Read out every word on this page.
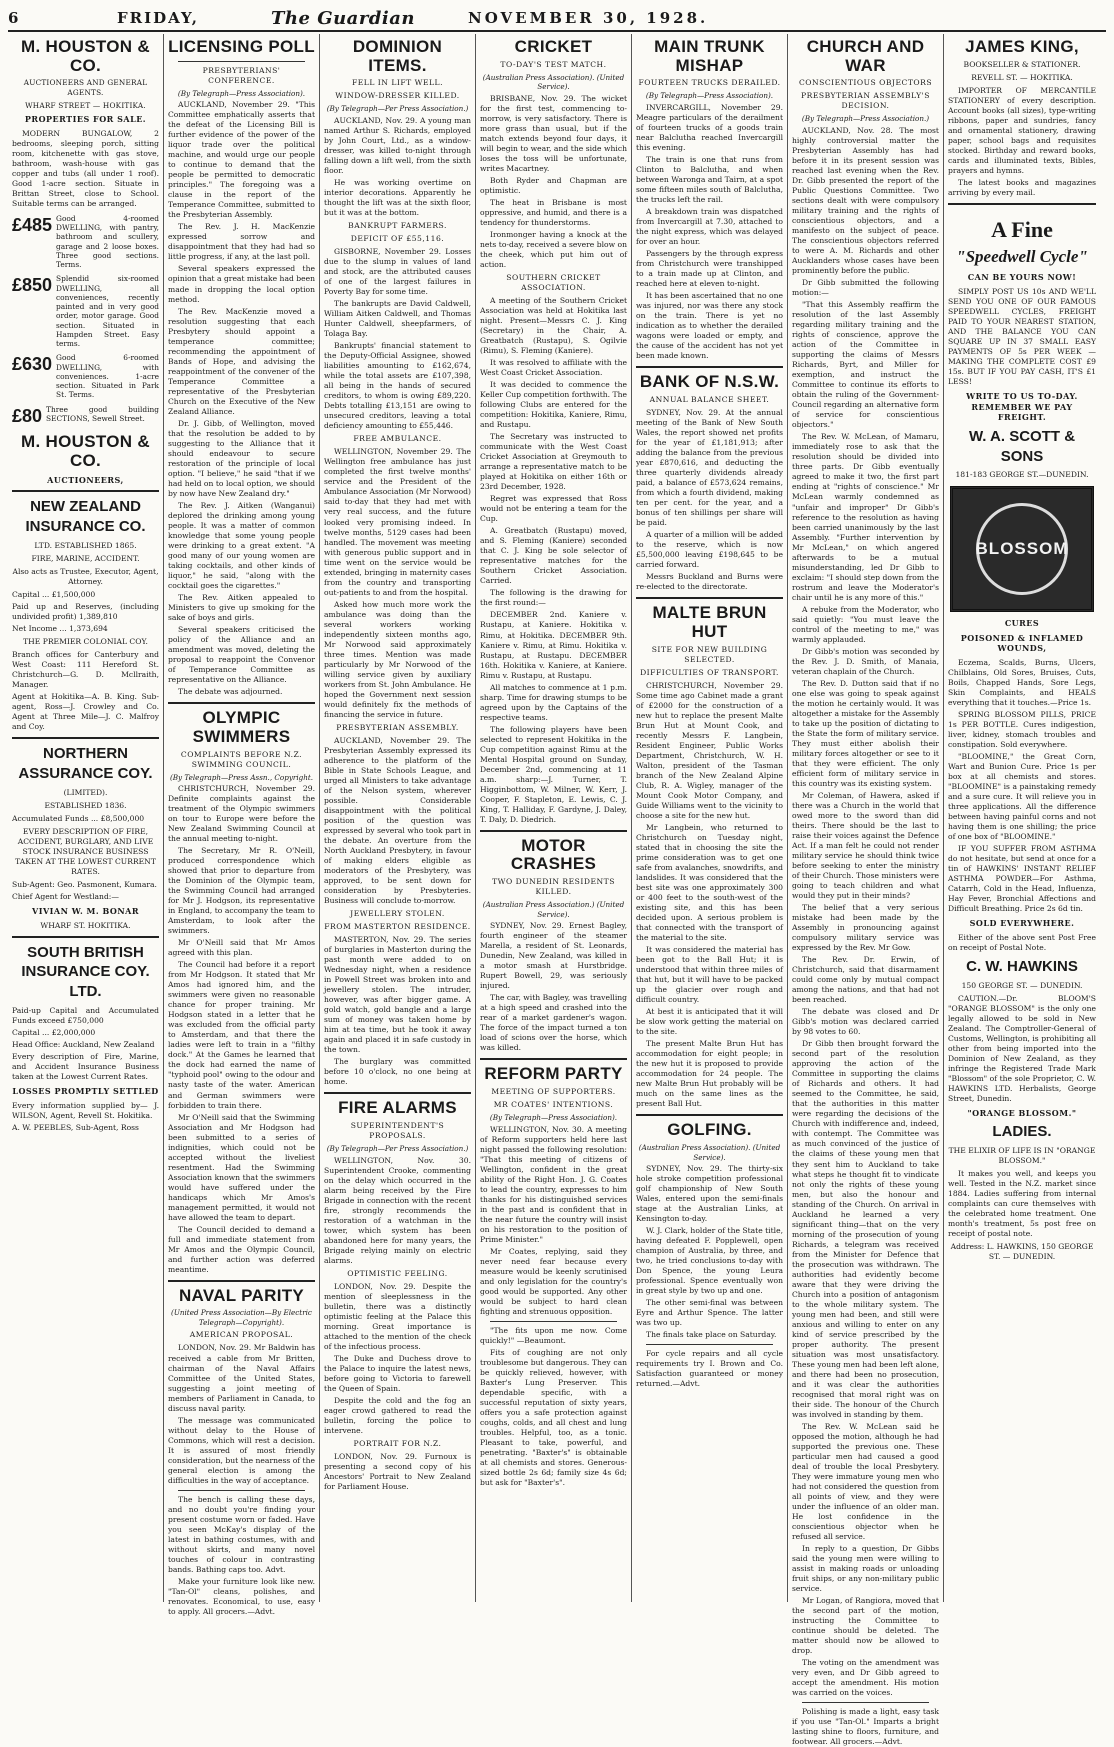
6	FRIDAY,	The Guardian	NOVEMBER 30, 1928.
M. HOUSTON & CO.
AUCTIONEERS AND GENERAL AGENTS.
WHARF STREET — HOKITIKA.
PROPERTIES FOR SALE.

MODERN BUNGALOW, 2 bedrooms, sleeping porch, sitting room, kitchenette with gas stove, bathroom, wash-house with gas copper and tubs (all under 1 roof). Good 1-acre section. Situate in Brittan Street, close to School. Suitable terms can be arranged.

£485 Good 4-roomed DWELLING, with pantry, bathroom and scullery, garage and 2 loose boxes. Three good sections. Terms.
£850 Splendid six-roomed DWELLING, all conveniences, recently painted and in very good order, motor garage. Good section. Situated in Hampden Street. Easy terms.
£630 Good 6-roomed DWELLING, with conveniences. 1-acre section. Situated in Park St. Terms.
£80 Three good building SECTIONS, Sewell Street.
M. HOUSTON & CO.
AUCTIONEERS,
NEW ZEALAND INSURANCE CO.
LTD. ESTABLISHED 1865.
FIRE, MARINE, ACCIDENT.
Also acts as Trustee, Executor, Agent, Attorney.

Capital ... £1,500,000

Paid up and Reserves, (including undivided profit) 1,389,810

Net Income ... 1,373,694

THE PREMIER COLONIAL COY.

Branch offices for Canterbury and West Coast: 111 Hereford St. Christchurch—G. D. Mcllraith, Manager.

Agent at Hokitika—A. B. King. Sub-agent, Ross—J. Crowley and Co. Agent at Three Mile—J. C. Malfroy and Coy.

NORTHERN ASSURANCE COY.
(LIMITED).
ESTABLISHED 1836.

Accumulated Funds ... £8,500,000

EVERY DESCRIPTION OF FIRE, ACCIDENT, BURGLARY, AND LIVE STOCK INSURANCE BUSINESS TAKEN AT THE LOWEST CURRENT RATES.

Sub-Agent: Geo. Pasmonent, Kumara.

Chief Agent for Westland:—

VIVIAN W. M. BONAR
WHARF ST. HOKITIKA.
SOUTH BRITISH INSURANCE COY. LTD.

Paid-up Capital and Accumulated Funds exceed £750,000

Capital ... £2,000,000

Head Office: Auckland, New Zealand

Every description of Fire, Marine, and Accident Insurance Business taken at the Lowest Current Rates.

LOSSES PROMPTLY SETTLED

Every information supplied by— J. WILSON, Agent, Revell St. Hokitika.

A. W. PEEBLES, Sub-Agent, Ross

LICENSING POLL
PRESBYTERIANS' CONFERENCE.
(By Telegraph—Press Association).

AUCKLAND, November 29. "This Committee emphatically asserts that the defeat of the Licensing Bill is further evidence of the power of the liquor trade over the political machine, and would urge our people to continue to demand that the people be permitted to democratic principles." The foregoing was a clause in the report of the Temperance Committee, submitted to the Presbyterian Assembly.

The Rev. J. H. MacKenzie expressed sorrow and disappointment that they had had so little progress, if any, at the last poll.

Several speakers expressed the opinion that a great mistake had been made in dropping the local option method.

The Rev. MacKenzie moved a resolution suggesting that each Presbytery should appoint a temperance committee; recommending the appointment of Bands of Hope, and advising the reappointment of the convener of the Temperance Committee a representative of the Presbyterian Church on the Executive of the New Zealand Alliance.

Dr. J. Gibb, of Wellington, moved that the resolution be added to by suggesting to the Alliance that it should endeavour to secure restoration of the principle of local option. "I believe," he said "that if we had held on to local option, we should by now have New Zealand dry."

The Rev. J. Aitken (Wanganui) deplored the drinking among young people. It was a matter of common knowledge that some young people were drinking to a great extent. "A good many of our young women are taking cocktails, and other kinds of liquor," he said, "along with the cocktail goes the cigarettes."

The Rev. Aitken appealed to Ministers to give up smoking for the sake of boys and girls.

Several speakers criticised the policy of the Alliance and an amendment was moved, deleting the proposal to reappoint the Convenor of Temperance Committee as representative on the Alliance.

The debate was adjourned.

OLYMPIC SWIMMERS
COMPLAINTS BEFORE N.Z. SWIMMING COUNCIL.
(By Telegraph—Press Assn., Copyright.

CHRISTCHURCH, November 29. Definite complaints against the treatment of the Olympic swimmers on tour to Europe were before the New Zealand Swimming Council at the annual meeting to-night.

The Secretary, Mr R. O'Neill, produced correspondence which showed that prior to departure from the Dominion of the Olympic team, the Swimming Council had arranged for Mr J. Hodgson, its representative in England, to accompany the team to Amsterdam, to look after the swimmers.

Mr O'Neill said that Mr Amos agreed with this plan.

The Council had before it a report from Mr Hodgson. It stated that Mr Amos had ignored him, and the swimmers were given no reasonable chance for proper training. Mr Hodgson stated in a letter that he was excluded from the official party to Amsterdam, and that there the ladies were left to train in a "filthy dock." At the Games he learned that the dock had earned the name of "typhoid pool" owing to the odour and nasty taste of the water. American and German swimmers were forbidden to train there.

Mr O'Neill said that the Swimming Association and Mr Hodgson had been submitted to a series of indignities, which could not be accepted without the liveliest resentment. Had the Swimming Association known that the swimmers would have suffered under the handicaps which Mr Amos's management permitted, it would not have allowed the team to depart.

The Council decided to demand a full and immediate statement from Mr Amos and the Olympic Council, and further action was deferred meantime.

NAVAL PARITY
(United Press Association—By Electric Telegraph—Copyright).
AMERICAN PROPOSAL.

LONDON, Nov. 29. Mr Baldwin has received a cable from Mr Britten, chairman of the Naval Affairs Committee of the United States, suggesting a joint meeting of members of Parliament in Canada, to discuss naval parity.

The message was communicated without delay to the House of Commons, which will rest a decision. It is assured of most friendly consideration, but the nearness of the general election is among the difficulties in the way of acceptance.

The bench is calling these days, and no doubt you're finding your present costume worn or faded. Have you seen McKay's display of the latest in bathing costumes, with and without skirts, and many novel touches of colour in contrasting bands. Bathing caps too. Advt.

Make your furniture look like new. "Tan-Ol" cleans, polishes, and renovates. Economical, to use, easy to apply. All grocers.—Advt.

DOMINION ITEMS.
FELL IN LIFT WELL.
WINDOW-DRESSER KILLED.
(By Telegraph—Per Press Association.)

AUCKLAND, Nov. 29. A young man named Arthur S. Richards, employed by John Court, Ltd., as a window-dresser, was killed to-night through falling down a lift well, from the sixth floor.

He was working overtime on interior decorations. Apparently he thought the lift was at the sixth floor, but it was at the bottom.

BANKRUPT FARMERS.
DEFICIT OF £55,116.

GISBORNE, November 29. Losses due to the slump in values of land and stock, are the attributed causes of one of the largest failures in Poverty Bay for some time.

The bankrupts are David Caldwell, William Aitken Caldwell, and Thomas Hunter Caldwell, sheepfarmers, of Tolaga Bay.

Bankrupts' financial statement to the Deputy-Official Assignee, showed liabilities amounting to £162,674, while the total assets are £107,398, all being in the hands of secured creditors, to whom is owing £89,220. Debts totalling £13,151 are owing to unsecured creditors, leaving a total deficiency amounting to £55,446.

FREE AMBULANCE.

WELLINGTON, November 29. The Wellington free ambulance has just completed the first twelve months' service and the President of the Ambulance Association (Mr Norwood) said to-day that they had met with very real success, and the future looked very promising indeed. In twelve months, 5129 cases had been handled. The movement was meeting with generous public support and in time went on the service would be extended, bringing in maternity cases from the country and transporting out-patients to and from the hospital.

Asked how much more work the ambulance was doing than the several workers working independently sixteen months ago, Mr Norwood said approximately three times. Mention was made particularly by Mr Norwood of the willing service given by auxiliary workers from St. John Ambulance. He hoped the Government next session would definitely fix the methods of financing the service in future.

PRESBYTERIAN ASSEMBLY.

AUCKLAND, November 29. The Presbyterian Assembly expressed its adherence to the platform of the Bible in State Schools League, and urged all Ministers to take advantage of the Nelson system, wherever possible. Considerable disappointment with the political position of the question was expressed by several who took part in the debate. An overture from the North Auckland Presbytery, in favour of making elders eligible as moderators of the Presbytery, was approved, to be sent down for consideration by Presbyteries. Business will conclude to-morrow.

JEWELLERY STOLEN.
FROM MASTERTON RESIDENCE.

MASTERTON, Nov. 29. The series of burglaries in Masterton during the past month were added to on Wednesday night, when a residence in Powell Street was broken into and jewellery stolen. The intruder, however, was after bigger game. A gold watch, gold bangle and a large sum of money was taken home by him at tea time, but he took it away again and placed it in safe custody in the town.

The burglary was committed before 10 o'clock, no one being at home.

FIRE ALARMS
SUPERINTENDENT'S PROPOSALS.
(By Telegraph—Per Press Association.)

WELLINGTON, Nov. 30. Superintendent Crooke, commenting on the delay which occurred in the alarm being received by the Fire Brigade in connection with the recent fire, strongly recommends the restoration of a watchman in the tower, which system has been abandoned here for many years, the Brigade relying mainly on electric alarms.

OPTIMISTIC FEELING.

LONDON, Nov. 29. Despite the mention of sleeplessness in the bulletin, there was a distinctly optimistic feeling at the Palace this morning. Great importance is attached to the mention of the check of the infectious process.

The Duke and Duchess drove to the Palace to inquire the latest news, before going to Victoria to farewell the Queen of Spain.

Despite the cold and the fog an eager crowd gathered to read the bulletin, forcing the police to intervene.

PORTRAIT FOR N.Z.

LONDON, Nov. 29. Furnoux is presenting a second copy of his Ancestors' Portrait to New Zealand for Parliament House.

CRICKET
TO-DAY'S TEST MATCH.
(Australian Press Association). (United Service).

BRISBANE, Nov. 29. The wicket for the first test, commencing to-morrow, is very satisfactory. There is more grass than usual, but if the match extends beyond four days, it will begin to wear, and the side which loses the toss will be unfortunate, writes Macartney.

Both Ryder and Chapman are optimistic.

The heat in Brisbane is most oppressive, and humid, and there is a tendency for thunderstorms.

Ironmonger having a knock at the nets to-day, received a severe blow on the cheek, which put him out of action.

SOUTHERN CRICKET ASSOCIATION.

A meeting of the Southern Cricket Association was held at Hokitika last night. Present—Messrs C. J. King (Secretary) in the Chair, A. Greatbatch (Rustapu), S. Ogilvie (Rimu), S. Fleming (Kaniere).

It was resolved to affiliate with the West Coast Cricket Association.

It was decided to commence the Keller Cup competition forthwith. The following Clubs are entered for the competition: Hokitika, Kaniere, Rimu, and Rustapu.

The Secretary was instructed to communicate with the West Coast Cricket Association at Greymouth to arrange a representative match to be played at Hokitika on either 16th or 23rd December, 1928.

Regret was expressed that Ross would not be entering a team for the Cup.

A. Greatbatch (Rustapu) moved, and S. Fleming (Kaniere) seconded that C. J. King be sole selector of representative matches for the Southern Cricket Association. Carried.

The following is the drawing for the first round:—

DECEMBER 2nd. Kaniere v. Rustapu, at Kaniere. Hokitika v. Rimu, at Hokitika. DECEMBER 9th. Kaniere v. Rimu, at Rimu. Hokitika v. Rustapu, at Rustapu. DECEMBER 16th. Hokitika v. Kaniere, at Kaniere. Rimu v. Rustapu, at Rustapu.

All matches to commence at 1 p.m. sharp. Time for drawing stumps to be agreed upon by the Captains of the respective teams.

The following players have been selected to represent Hokitika in the Cup competition against Rimu at the Mental Hospital ground on Sunday, December 2nd, commencing at 11 a.m. sharp:—J. Turner, T. Higginbottom, W. Milner, W. Kerr, J. Cooper, F. Stapleton, E. Lewis, C. J. King, T. Halliday, F. Gardyne, J. Daley, T. Daly, D. Diedrich.

MOTOR CRASHES
TWO DUNEDIN RESIDENTS KILLED.
(Australian Press Association.) (United Service).

SYDNEY, Nov. 29. Ernest Bagley, fourth engineer of the steamer Marella, a resident of St. Leonards, Dunedin, New Zealand, was killed in a motor smash at Hurstbridge. Rupert Bowell, 29, was seriously injured.

The car, with Bagley, was travelling at a high speed and crashed into the rear of a market gardener's wagon. The force of the impact turned a ton load of scions over the horse, which was killed.

REFORM PARTY
MEETING OF SUPPORTERS.
MR COATES' INTENTIONS.
(By Telegraph—Press Association).

WELLINGTON, Nov. 30. A meeting of Reform supporters held here last night passed the following resolution: "That this meeting of citizens of Wellington, confident in the great ability of the Right Hon. J. G. Coates to lead the country, expresses to him thanks for his distinguished services in the past and is confident that in the near future the country will insist on his restoration to the position of Prime Minister."

Mr Coates, replying, said they never need fear because every measure would be keenly scrutinised and only legislation for the country's good would be supported. Any other would be subject to hard clean fighting and strenuous opposition.

"The fits upon me now. Come quickly!" —Beaumont.

Fits of coughing are not only troublesome but dangerous. They can be quickly relieved, however, with Baxter's Lung Preserver. This dependable specific, with a successful reputation of sixty years, offers you a safe protection against coughs, colds, and all chest and lung troubles. Helpful, too, as a tonic. Pleasant to take, powerful, and penetrating. "Baxter's" is obtainable at all chemists and stores. Generous-sized bottle 2s 6d; family size 4s 6d; but ask for "Baxter's".

MAIN TRUNK MISHAP
FOURTEEN TRUCKS DERAILED.
(By Telegraph—Press Association).

INVERCARGILL, November 29. Meagre particulars of the derailment of fourteen trucks of a goods train near Balclutha reached Invercargill this evening.

The train is one that runs from Clinton to Balclutha, and when between Waronga and Tairn, at a spot some fifteen miles south of Balclutha, the trucks left the rail.

A breakdown train was dispatched from Invercargill at 7.30, attached to the night express, which was delayed for over an hour.

Passengers by the through express from Christchurch were transhipped to a train made up at Clinton, and reached here at eleven to-night.

It has been ascertained that no one was injured, nor was there any stock on the train. There is yet no indication as to whether the derailed wagons were loaded or empty, and the cause of the accident has not yet been made known.

BANK OF N.S.W.
ANNUAL BALANCE SHEET.

SYDNEY, Nov. 29. At the annual meeting of the Bank of New South Wales, the report showed net profits for the year of £1,181,913; after adding the balance from the previous year £870,616, and deducting the three quarterly dividends already paid, a balance of £573,624 remains, from which a fourth dividend, making ten per cent. for the year, and a bonus of ten shillings per share will be paid.

A quarter of a million will be added to the reserve, which is now £5,500,000 leaving £198,645 to be carried forward.

Messrs Buckland and Burns were re-elected to the directorate.

MALTE BRUN HUT
SITE FOR NEW BUILDING SELECTED.
DIFFICULTIES OF TRANSPORT.

CHRISTCHURCH, November 29. Some time ago Cabinet made a grant of £2000 for the construction of a new hut to replace the present Malte Brun Hut at Mount Cook, and recently Messrs F. Langbein, Resident Engineer, Public Works Department, Christchurch, W. H. Walton, president of the Tasman branch of the New Zealand Alpine Club, R. A. Wigley, manager of the Mount Cook Motor Company, and Guide Williams went to the vicinity to choose a site for the new hut.

Mr Langbein, who returned to Christchurch on Tuesday night, stated that in choosing the site the prime consideration was to get one safe from avalanches, snowdrifts, and landslides. It was considered that the best site was one approximately 300 or 400 feet to the south-west of the existing site, and this has been decided upon. A serious problem is that connected with the transport of the material to the site.

It was considered the material has been got to the Ball Hut; it is understood that within three miles of that hut, but it will have to be packed up the glacier over rough and difficult country.

At best it is anticipated that it will be slow work getting the material on to the site.

The present Malte Brun Hut has accommodation for eight people; in the new hut it is proposed to provide accommodation for 24 people. The new Malte Brun Hut probably will be much on the same lines as the present Ball Hut.

GOLFING.
(Australian Press Association). (United Service).

SYDNEY, Nov. 29. The thirty-six hole stroke competition professional golf championship of New South Wales, entered upon the semi-finals stage at the Australian Links, at Kensington to-day.

W. J. Clark, holder of the State title, having defeated F. Popplewell, open champion of Australia, by three, and two, he tried conclusions to-day with Don Spence, the young Leura professional. Spence eventually won in great style by two up and one.

The other semi-final was between Eyre and Arthur Spence. The latter was two up.

The finals take place on Saturday.

For cycle repairs and all cycle requirements try I. Brown and Co. Satisfaction guaranteed or money returned.—Advt.

CHURCH AND WAR
CONSCIENTIOUS OBJECTORS
PRESBYTERIAN ASSEMBLY'S DECISION.
(By Telegraph—Press Association.)

AUCKLAND, Nov. 28. The most highly controversial matter the Presbyterian Assembly has had before it in its present session was reached last evening when the Rev. Dr. Gibb presented the report of the Public Questions Committee. Two sections dealt with were compulsory military training and the rights of conscientious objectors, and a manifesto on the subject of peace. The conscientious objectors referred to were A. M. Richards and other Aucklanders whose cases have been prominently before the public.

Dr Gibb submitted the following motion:—

"That this Assembly reaffirm the resolution of the last Assembly regarding military training and the rights of conscience, approve the action of the Committee in supporting the claims of Messrs Richards, Byrt, and Miller for exemption, and instruct the Committee to continue its efforts to obtain the ruling of the Government-Council regarding an alternative form of service for conscientious objectors."

The Rev. W. McLean, of Mamaru, immediately rose to ask that the resolution should be divided into three parts. Dr Gibb eventually agreed to make it two, the first part ending at "rights of conscience." Mr McLean warmly condemned as "unfair and improper" Dr Gibb's reference to the resolution as having been carried unanimously by the last Assembly. "Further intervention by Mr McLean," on which angered afterwards to be a mutual misunderstanding, led Dr Gibb to exclaim: "I should step down from the rostrum and leave the Moderator's chair until he is any more of this."

A rebuke from the Moderator, who said quietly: "You must leave the control of the meeting to me," was warmly applauded.

Dr Gibb's motion was seconded by the Rev. J. D. Smith, of Manaia, veteran chaplain of the Church.

The Rev. D. Dutton said that if no one else was going to speak against the motion he certainly would. It was altogether a mistake for the Assembly to take up the position of dictating to the State the form of military service. They must either abolish their military forces altogether or see to it that they were efficient. The only efficient form of military service in this country was its existing system.

Mr Coleman, of Hawera, asked if there was a Church in the world that owed more to the sword than did theirs. There should be the last to raise their voices against the Defence Act. If a man felt he could not render military service he should think twice before seeking to enter the ministry of their Church. Those ministers were going to teach children and what would they put in their minds?

The belief that a very serious mistake had been made by the Assembly in pronouncing against compulsory military service was expressed by the Rev. Mr Gow.

The Rev. Dr. Erwin, of Christchurch, said that disarmament could come only by mutual compact among the nations, and that had not been reached.

The debate was closed and Dr Gibb's motion was declared carried by 98 votes to 60.

Dr Gibb then brought forward the second part of the resolution approving the action of the Committee in supporting the claims of Richards and others. It had seemed to the Committee, he said, that the authorities in this matter were regarding the decisions of the Church with indifference and, indeed, with contempt. The Committee was as much convinced of the justice of the claims of these young men that they sent him to Auckland to take what steps he thought fit to vindicate not only the rights of these young men, but also the honour and standing of the Church. On arrival in Auckland he learned a very significant thing—that on the very morning of the prosecution of young Richards, a telegram was received from the Minister for Defence that the prosecution was withdrawn. The authorities had evidently become aware that they were driving the Church into a position of antagonism to the whole military system. The young men had been, and still were anxious and willing to enter on any kind of service prescribed by the proper authority. The present situation was most unsatisfactory. These young men had been left alone, and there had been no prosecution, and it was clear the authorities recognised that moral right was on their side. The honour of the Church was involved in standing by them.

The Rev. W. McLean said he opposed the motion, although he had supported the previous one. These particular men had caused a good deal of trouble the local Presbytery. They were immature young men who had not considered the question from all points of view, and they were under the influence of an older man. He lost confidence in the conscientious objector when he refused all service.

In reply to a question, Dr Gibbs said the young men were willing to assist in making roads or unloading fruit ships, or any non-military public service.

Mr Logan, of Rangiora, moved that the second part of the motion, instructing the Committee to continue should be deleted. The matter should now be allowed to drop.

The voting on the amendment was very even, and Dr Gibb agreed to accept the amendment. His motion was carried on the voices.

Polishing is made a light, easy task if you use "Tan-Ol." Imparts a bright lasting shine to floors, furniture, and footwear. All grocers.—Advt.

JAMES KING,
BOOKSELLER & STATIONER.
REVELL ST. — HOKITIKA.

IMPORTER OF MERCANTILE STATIONERY of every description. Account books (all sizes), type-writing ribbons, paper and sundries, fancy and ornamental stationery, drawing paper, school bags and requisites stocked. Birthday and reward books, cards and illuminated texts, Bibles, prayers and hymns.

The latest books and magazines arriving by every mail.

A Fine
"Speedwell Cycle"
CAN BE YOURS NOW!

SIMPLY POST US 10s AND WE'LL SEND YOU ONE OF OUR FAMOUS SPEEDWELL CYCLES, FREIGHT PAID TO YOUR NEAREST STATION, AND THE BALANCE YOU CAN SQUARE UP IN 37 SMALL EASY PAYMENTS OF 5s PER WEEK —MAKING THE COMPLETE COST £9 15s. BUT IF YOU PAY CASH, IT'S £1 LESS!

WRITE TO US TO-DAY. REMEMBER WE PAY FREIGHT.
W. A. SCOTT & SONS
181-183 GEORGE ST.—DUNEDIN.
BLOSSOM
CURES
POISONED & INFLAMED WOUNDS,

Eczema, Scalds, Burns, Ulcers, Chilblains, Old Sores, Bruises, Cuts, Boils, Chapped Hands, Sore Legs, Skin Complaints, and HEALS everything that it touches.—Price 1s.

SPRING BLOSSOM PILLS, PRICE 1s PER BOTTLE. Cures indigestion, liver, kidney, stomach troubles and constipation. Sold everywhere.

"BLOOMINE," the Great Corn, Wart and Bunion Cure. Price 1s per box at all chemists and stores. "BLOOMINE" is a painstaking remedy and a sure cure. It will relieve you in three applications. All the difference between having painful corns and not having them is one shilling; the price of one box of "BLOOMINE."

IF YOU SUFFER FROM ASTHMA do not hesitate, but send at once for a tin of HAWKINS' INSTANT RELIEF ASTHMA POWDER—For Asthma, Catarrh, Cold in the Head, Influenza, Hay Fever, Bronchial Affections and Difficult Breathing. Price 2s 6d tin.

SOLD EVERYWHERE.

Either of the above sent Post Free on receipt of Postal Note.

C. W. HAWKINS
150 GEORGE ST. — DUNEDIN.

CAUTION.—Dr. BLOOM'S "ORANGE BLOSSOM" is the only one legally allowed to be sold in New Zealand. The Comptroller-General of Customs, Wellington, is prohibiting all other from being imported into the Dominion of New Zealand, as they infringe the Registered Trade Mark "Blossom" of the sole Proprietor, C. W. HAWKINS LTD. Herbalists, George Street, Dunedin.

"ORANGE BLOSSOM."
LADIES.
THE ELIXIR OF LIFE IS IN "ORANGE BLOSSOM."

It makes you well, and keeps you well. Tested in the N.Z. market since 1884. Ladies suffering from internal complaints can cure themselves with the celebrated home treatment. One month's treatment, 5s post free on receipt of postal note.

Address: L. HAWKINS, 150 GEORGE ST. — DUNEDIN.
